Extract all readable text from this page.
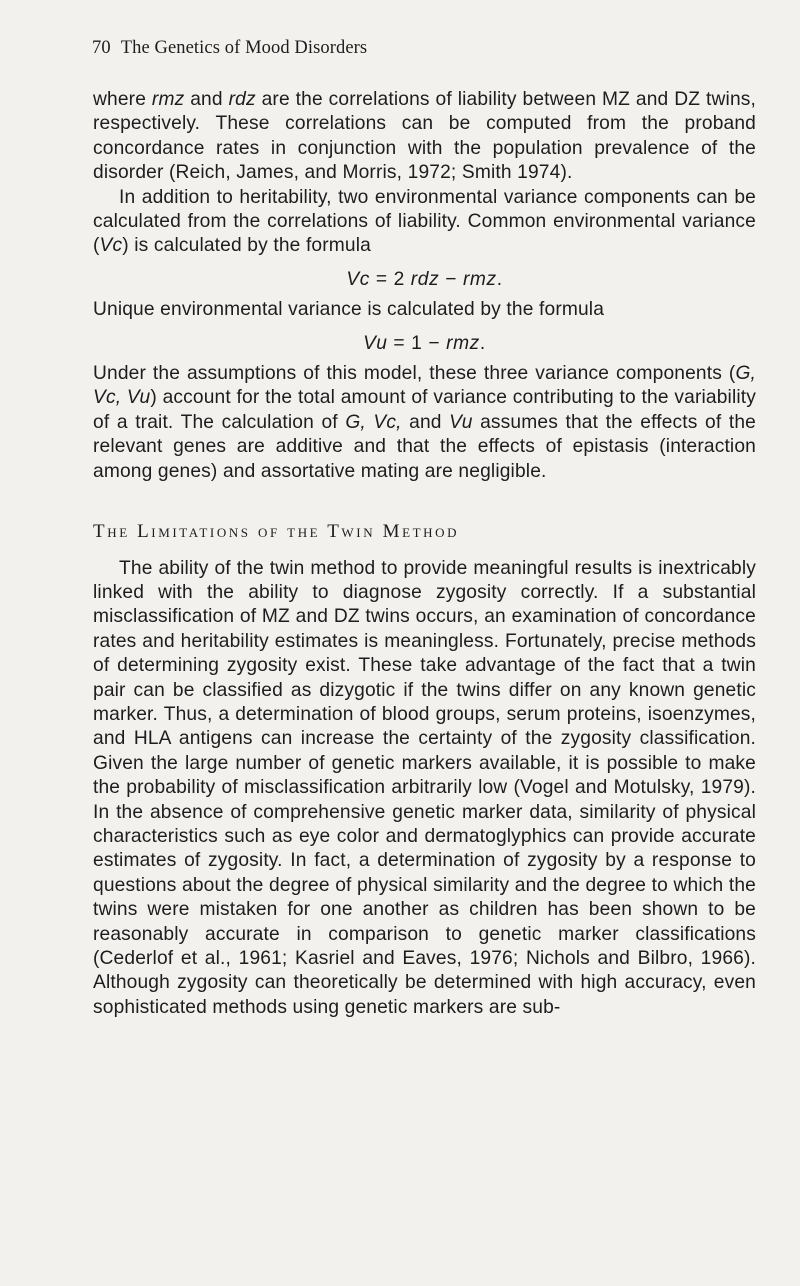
70 The Genetics of Mood Disorders

where rmz and rdz are the correlations of liability between MZ and DZ twins, respectively. These correlations can be computed from the proband concordance rates in conjunction with the population prevalence of the disorder (Reich, James, and Morris, 1972; Smith 1974).

In addition to heritability, two environmental variance components can be calculated from the correlations of liability. Common environmental variance (Vc) is calculated by the formula

Vc = 2 rdz − rmz.

Unique environmental variance is calculated by the formula

Vu = 1 − rmz.

Under the assumptions of this model, these three variance components (G, Vc, Vu) account for the total amount of variance contributing to the variability of a trait. The calculation of G, Vc, and Vu assumes that the effects of the relevant genes are additive and that the effects of epistasis (interaction among genes) and assortative mating are negligible.

The Limitations of the Twin Method

The ability of the twin method to provide meaningful results is inextricably linked with the ability to diagnose zygosity correctly. If a substantial misclassification of MZ and DZ twins occurs, an examination of concordance rates and heritability estimates is meaningless. Fortunately, precise methods of determining zygosity exist. These take advantage of the fact that a twin pair can be classified as dizygotic if the twins differ on any known genetic marker. Thus, a determination of blood groups, serum proteins, isoenzymes, and HLA antigens can increase the certainty of the zygosity classification. Given the large number of genetic markers available, it is possible to make the probability of misclassification arbitrarily low (Vogel and Motulsky, 1979). In the absence of comprehensive genetic marker data, similarity of physical characteristics such as eye color and dermatoglyphics can provide accurate estimates of zygosity. In fact, a determination of zygosity by a response to questions about the degree of physical similarity and the degree to which the twins were mistaken for one another as children has been shown to be reasonably accurate in comparison to genetic marker classifications (Cederlof et al., 1961; Kasriel and Eaves, 1976; Nichols and Bilbro, 1966). Although zygosity can theoretically be determined with high accuracy, even sophisticated methods using genetic markers are sub-
